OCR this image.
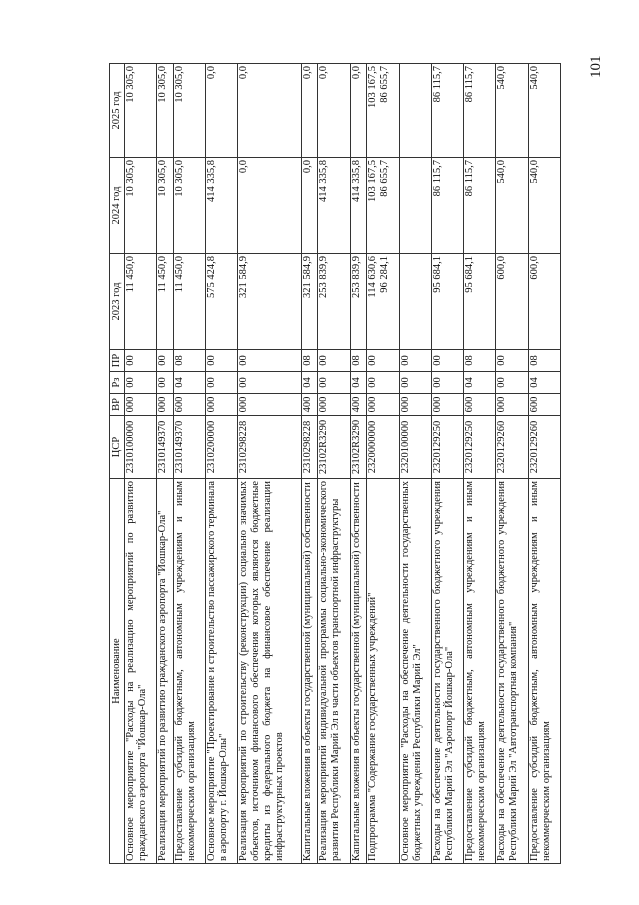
101
Наименование	ЦСР	ВР	Рз	ПР	2023 год	2024 год	2025 год
Основное мероприятие "Расходы на реализацию мероприятий по развитию гражданского аэропорта "Йошкар-Ола"	2310100000	000	00	00	11 450,0	10 305,0	10 305,0
Реализация мероприятий по развитию гражданского аэропорта "Йошкар-Ола"	2310149370	000	00	00	11 450,0	10 305,0	10 305,0
Предоставление субсидий бюджетным, автономным учреждениям и иным некоммерческим организациям	2310149370	600	04	08	11 450,0	10 305,0	10 305,0
Основное мероприятие "Проектирование и строительство пассажирского терминала в аэропорту г. Йошкар-Олы"	2310200000	000	00	00	575 424,8	414 335,8	0,0
Реализация мероприятий по строительству (реконструкции) социально значимых объектов, источником финансового обеспечения которых являются бюджетные кредиты из федерального бюджета на финансовое обеспечение реализации инфраструктурных проектов	2310298228	000	00	00	321 584,9	0,0	0,0
Капитальные вложения в объекты государственной (муниципальной) собственности	2310298228	400	04	08	321 584,9	0,0	0,0
Реализация мероприятий индивидуальной программы социально-экономического развития Республики Марий Эл в части объектов транспортной инфраструктуры	23102R3290	000	00	00	253 839,9	414 335,8	0,0
Капитальные вложения в объекты государственной (муниципальной) собственности	23102R3290	400	04	08	253 839,9	414 335,8	0,0
Подпрограмма "Содержание государственных учреждений"	2320000000	000	00	00	114 630,6 96 284,1	103 167,5 86 655,7	103 167,5 86 655,7

Основное мероприятие "Расходы на обеспечение деятельности государственных бюджетных учреждений Республики Марий Эл"	2320100000	000	00	00			
Расходы на обеспечение деятельности государственного бюджетного учреждения Республики Марий Эл "Аэропорт Йошкар-Ола"	2320129250	000	00	00	95 684,1	86 115,7	86 115,7
Предоставление субсидий бюджетным, автономным учреждениям и иным некоммерческим организациям	2320129250	600	04	08	95 684,1	86 115,7	86 115,7
Расходы на обеспечение деятельности государственного бюджетного учреждения Республики Марий Эл "Автотранспортная компания"	2320129260	000	00	00	600,0	540,0	540,0
Предоставление субсидий бюджетным, автономным учреждениям и иным некоммерческим организациям	2320129260	600	04	08	600,0	540,0	540,0
